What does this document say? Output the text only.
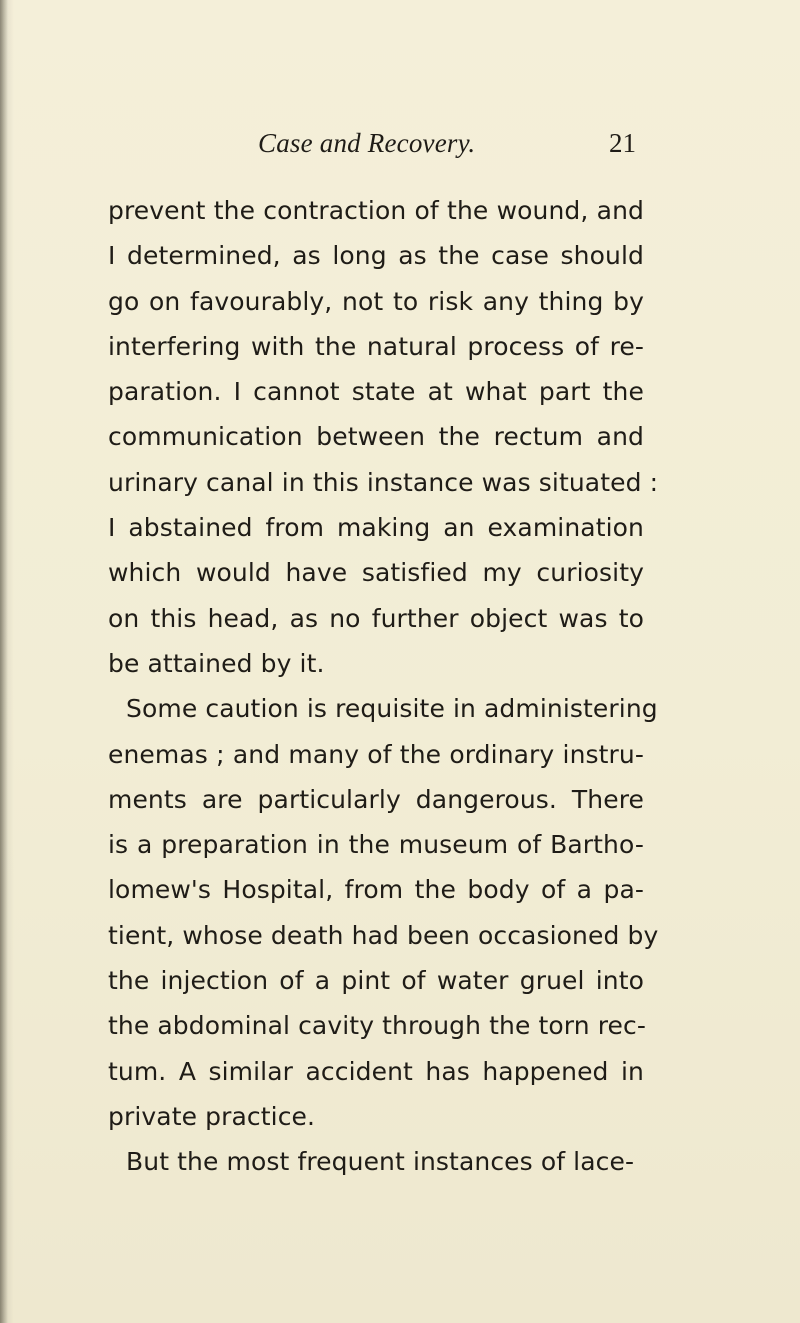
Case and Recovery.	21
prevent the contraction of the wound, and
I determined, as long as the case should
go on favourably, not to risk any thing by
interfering with the natural process of re-
paration. I cannot state at what part the
communication between the rectum and
urinary canal in this instance was situated :
I abstained from making an examination
which would have satisfied my curiosity
on this head, as no further object was to
be attained by it.
Some caution is requisite in administering
enemas ; and many of the ordinary instru-
ments are particularly dangerous. There
is a preparation in the museum of Bartho-
lomew's Hospital, from the body of a pa-
tient, whose death had been occasioned by
the injection of a pint of water gruel into
the abdominal cavity through the torn rec-
tum. A similar accident has happened in
private practice.
But the most frequent instances of lace-
